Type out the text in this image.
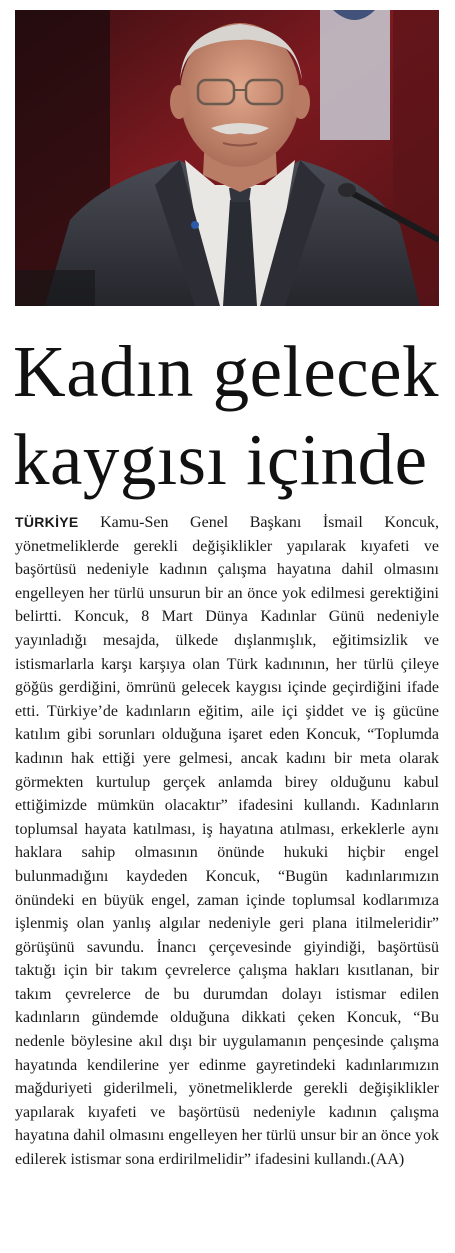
Kadın gelecek
kaygısı içinde

TÜRKİYE Kamu-Sen Genel Başkanı İsmail Koncuk, yönetmeliklerde gerekli değişiklikler yapılarak kıyafeti ve başörtüsü nedeniyle kadının çalışma hayatına dahil olmasını engelleyen her türlü unsurun bir an önce yok edilmesi gerektiğini belirtti. Koncuk, 8 Mart Dünya Kadınlar Günü nedeniyle yayınladığı mesajda, ülkede dışlanmışlık, eğitimsizlik ve istismarlarla karşı karşıya olan Türk kadınının, her türlü çileye göğüs gerdiğini, ömrünü gelecek kaygısı içinde geçirdiğini ifade etti. Türkiye’de kadınların eğitim, aile içi şiddet ve iş gücüne katılım gibi sorunları olduğuna işaret eden Koncuk, “Toplumda kadının hak ettiği yere gelmesi, ancak kadını bir meta olarak görmekten kurtulup gerçek anlamda birey olduğunu kabul ettiğimizde mümkün olacaktır” ifadesini kullandı. Kadınların toplumsal hayata katılması, iş hayatına atılması, erkeklerle aynı haklara sahip olmasının önünde hukuki hiçbir engel bulunmadığını kaydeden Koncuk, “Bugün kadınlarımızın önündeki en büyük engel, zaman içinde toplumsal kodlarımıza işlenmiş olan yanlış algılar nedeniyle geri plana itilmeleridir” görüşünü savundu. İnancı çerçevesinde giyindiği, başörtüsü taktığı için bir takım çevrelerce çalışma hakları kısıtlanan, bir takım çevrelerce de bu durumdan dolayı istismar edilen kadınların gündemde olduğuna dikkati çeken Koncuk, “Bu nedenle böylesine akıl dışı bir uygulamanın pençesinde çalışma hayatında kendilerine yer edinme gayretindeki kadınlarımızın mağduriyeti giderilmeli, yönetmeliklerde gerekli değişiklikler yapılarak kıyafeti ve başörtüsü nedeniyle kadının çalışma hayatına dahil olmasını engelleyen her türlü unsur bir an önce yok edilerek istismar sona erdirilmelidir” ifadesini kullandı.(AA)
